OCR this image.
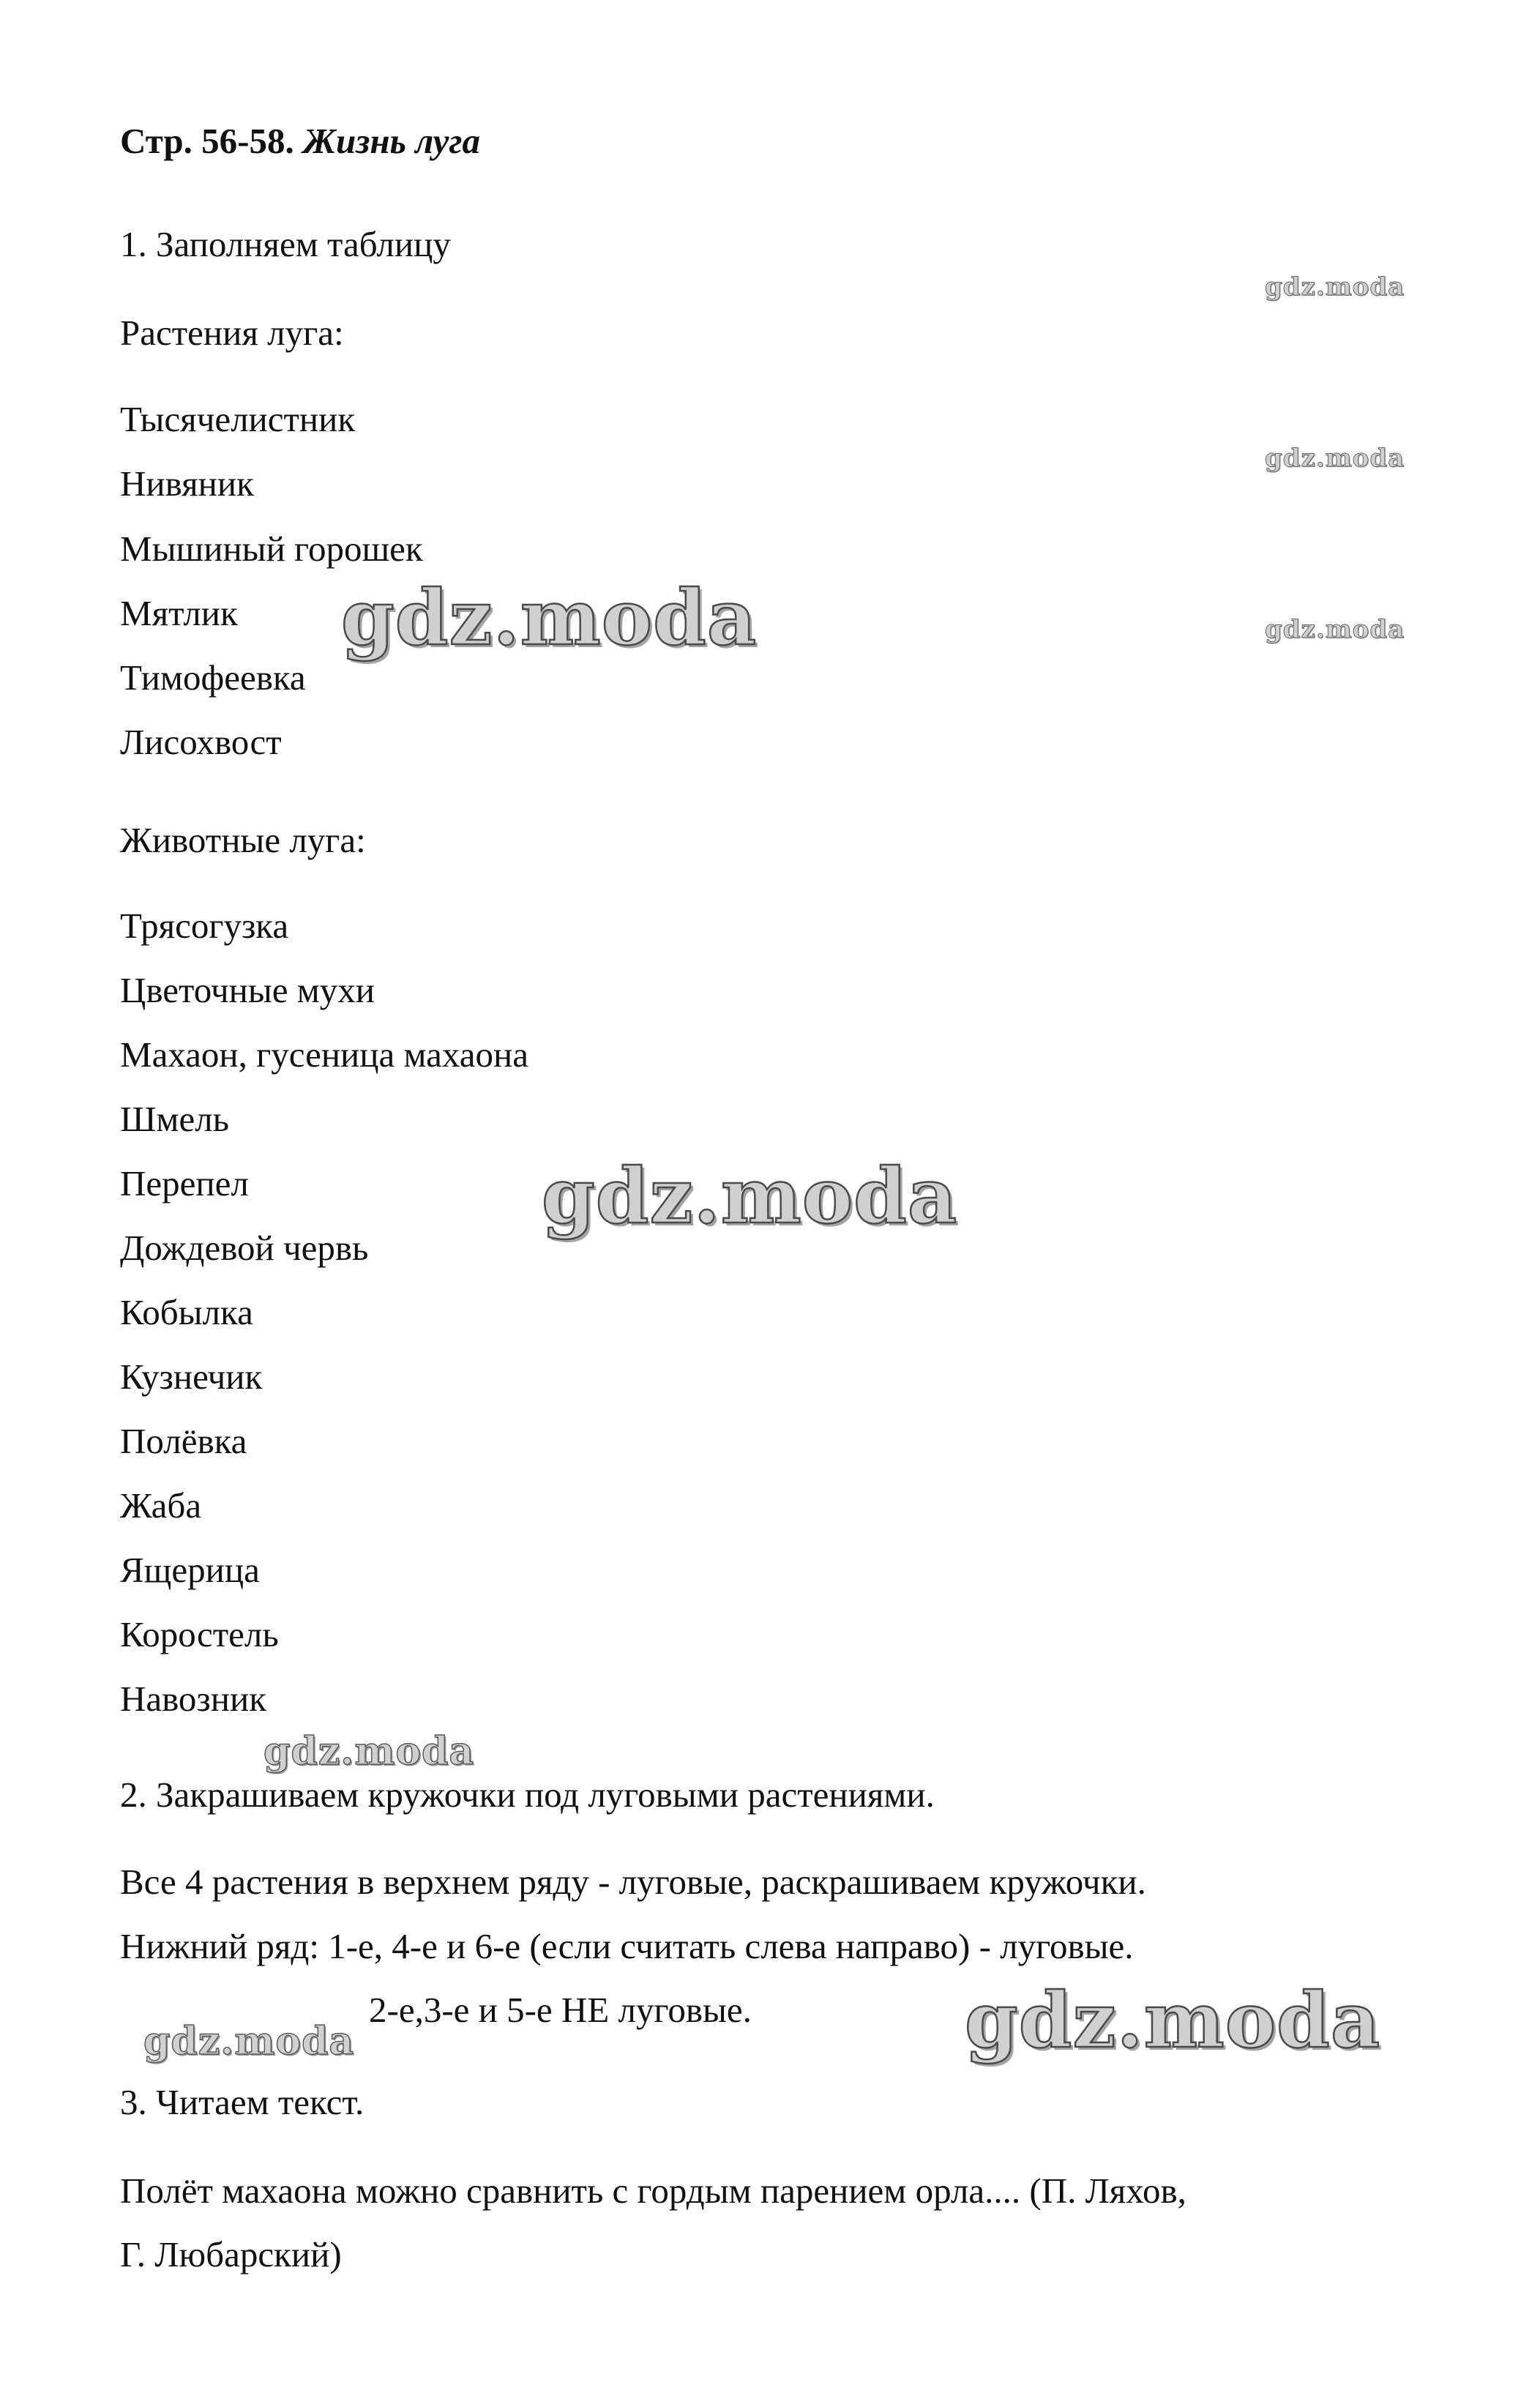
Стр. 56-58. Жизнь луга
1. Заполняем таблицу
Растения луга:
Тысячелистник
Нивяник
Мышиный горошек
Мятлик
Тимофеевка
Лисохвост
Животные луга:
Трясогузка
Цветочные мухи
Махаон, гусеница махаона
Шмель
Перепел
Дождевой червь
Кобылка
Кузнечик
Полёвка
Жаба
Ящерица
Коростель
Навозник
2. Закрашиваем кружочки под луговыми растениями.
Все 4 растения в верхнем ряду - луговые, раскрашиваем кружочки.
Нижний ряд: 1-е, 4-е и 6-е (если считать слева направо) - луговые.
2-е,3-е и 5-е НЕ луговые.
3. Читаем текст.
Полёт махаона можно сравнить с гордым парением орла.... (П. Ляхов,
Г. Любарский)
gdz.moda
gdz.moda
gdz.moda
gdz.moda
gdz.moda
gdz.moda
gdz.moda	gdz.moda
